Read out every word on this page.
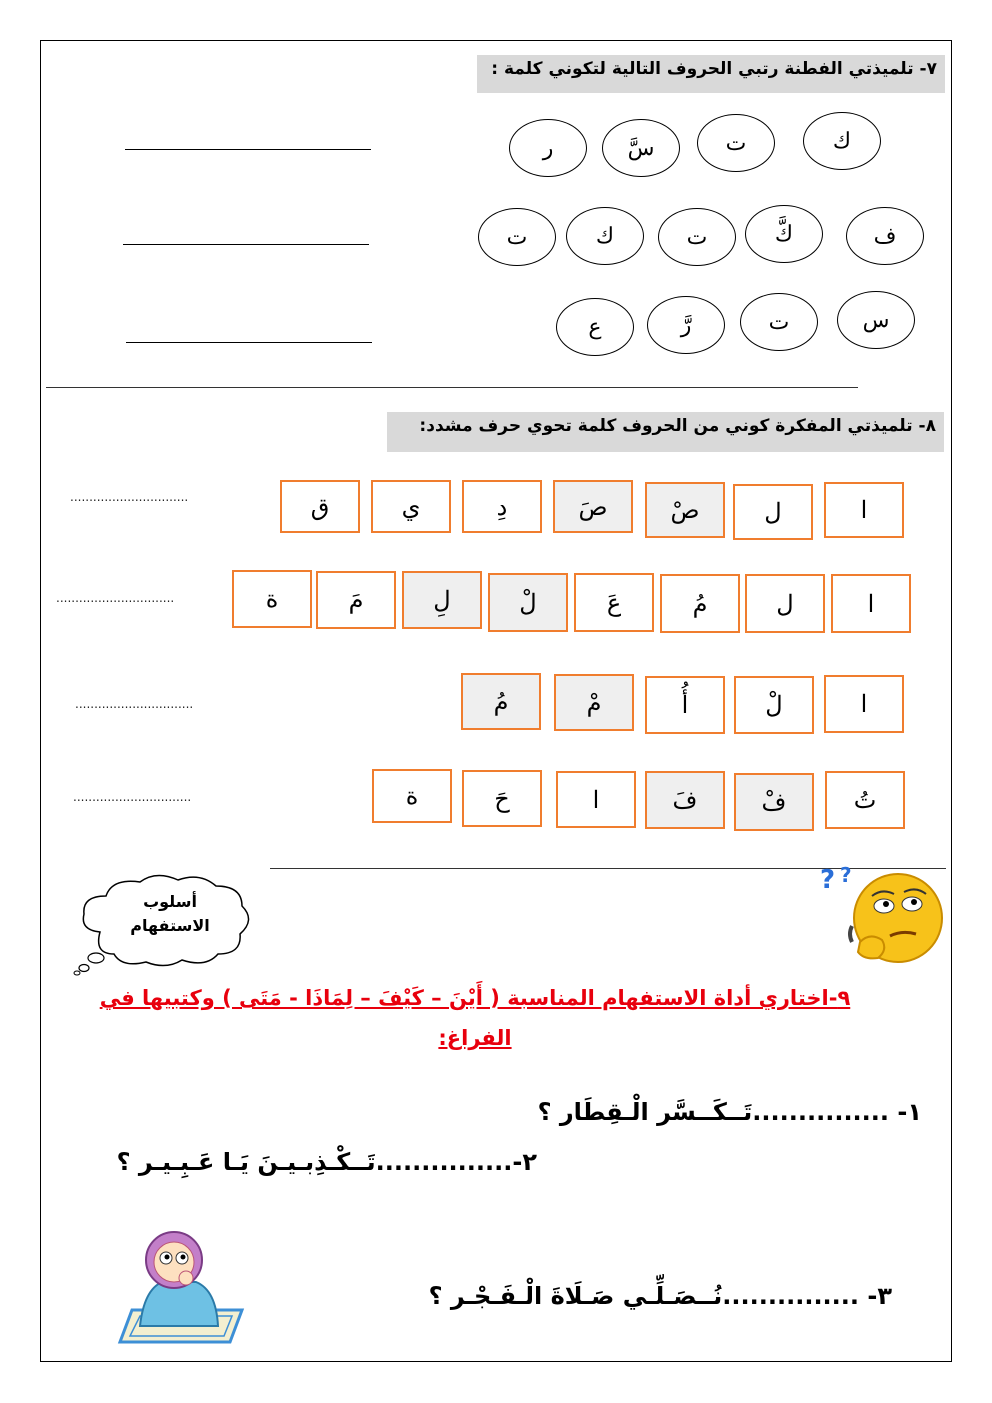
٧- تلميذتي الفطنة رتبي الحروف التالية لتكوني كلمة :
ك
ت
سَّ
ر
ف
كَّ
ت
ك
ت
س
ت
رَّ
ع
٨- تلميذتي المفكرة كوني من الحروف كلمة تحوي حرف مشدد:
ا
ل
صْ
صَ
دِ
ي
ق
...............................
ا
ل
مُ
عَ
لْ
لِ
مَ
ة
...............................
ا
لْ
أُ
مْ
مُ
...............................
تُ
فْ
فَ
ا
حَ
ة
...............................
? ?
أسلوب
الاستفهام
٩-اختاري أداة الاستفهام المناسبة ( أَيْنَ – كَيْفَ – لِمَاذَا - مَتَى ) وكتبيها في الفراغ:
١- ...............تَــكَــسَّر الْـقِطَار ؟
٢-...............تَــكْـذِبـيـنَ يَـا عَـبِـيـر ؟
٣- ...............نُــصَـلِّـي صَـلَاةَ الْـفَـجْـر ؟
